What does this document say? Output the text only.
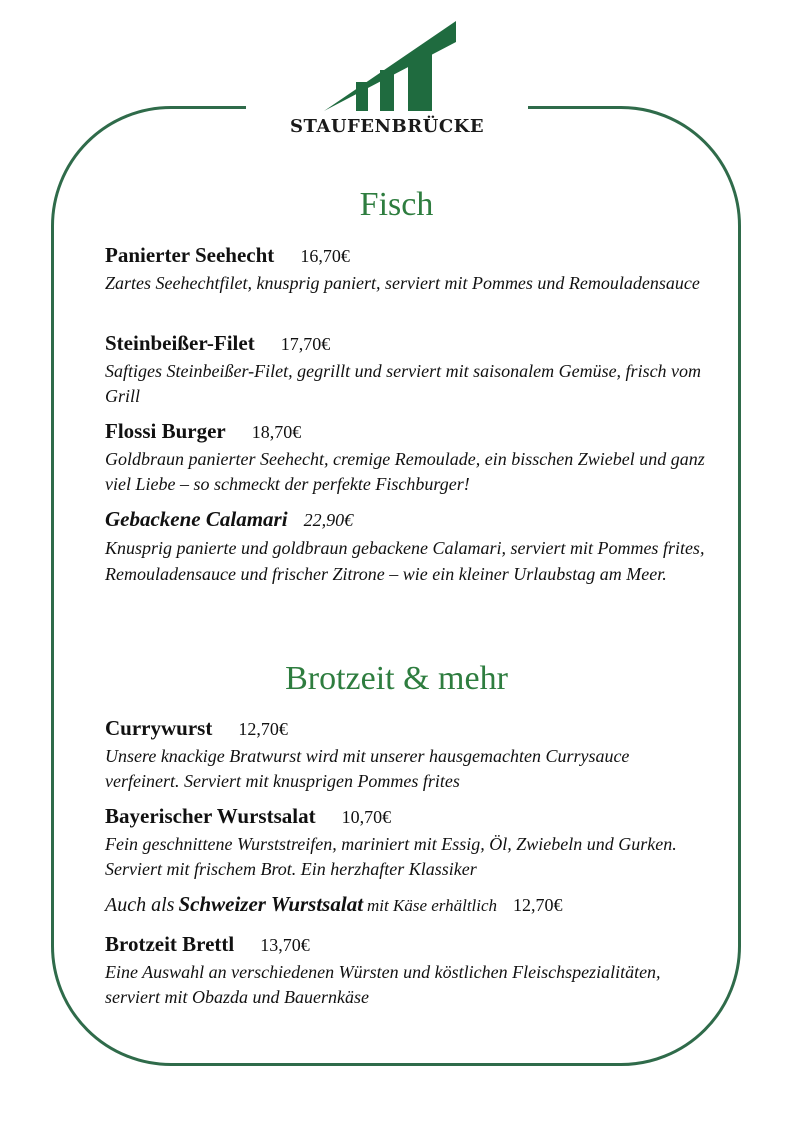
STAUFENBRÜCKE
Fisch
Panierter Seehecht 16,70€
Zartes Seehechtfilet, knusprig paniert, serviert mit Pommes und Remouladensauce
Steinbeißer-Filet 17,70€
Saftiges Steinbeißer-Filet, gegrillt und serviert mit saisonalem Gemüse, frisch vom Grill
Flossi Burger 18,70€
Goldbraun panierter Seehecht, cremige Remoulade, ein bisschen Zwiebel und ganz viel Liebe – so schmeckt der perfekte Fischburger!
Gebackene Calamari 22,90€
Knusprig panierte und goldbraun gebackene Calamari, serviert mit Pommes frites, Remouladensauce und frischer Zitrone – wie ein kleiner Urlaubstag am Meer.
Brotzeit & mehr
Currywurst 12,70€
Unsere knackige Bratwurst wird mit unserer hausgemachten Currysauce verfeinert. Serviert mit knusprigen Pommes frites
Bayerischer Wurstsalat 10,70€
Fein geschnittene Wurststreifen, mariniert mit Essig, Öl, Zwiebeln und Gurken. Serviert mit frischem Brot. Ein herzhafter Klassiker
Auch als Schweizer Wurstsalat mit Käse erhältlich 12,70€
Brotzeit Brettl 13,70€
Eine Auswahl an verschiedenen Würsten und köstlichen Fleischspezialitäten, serviert mit Obazda und Bauernkäse
